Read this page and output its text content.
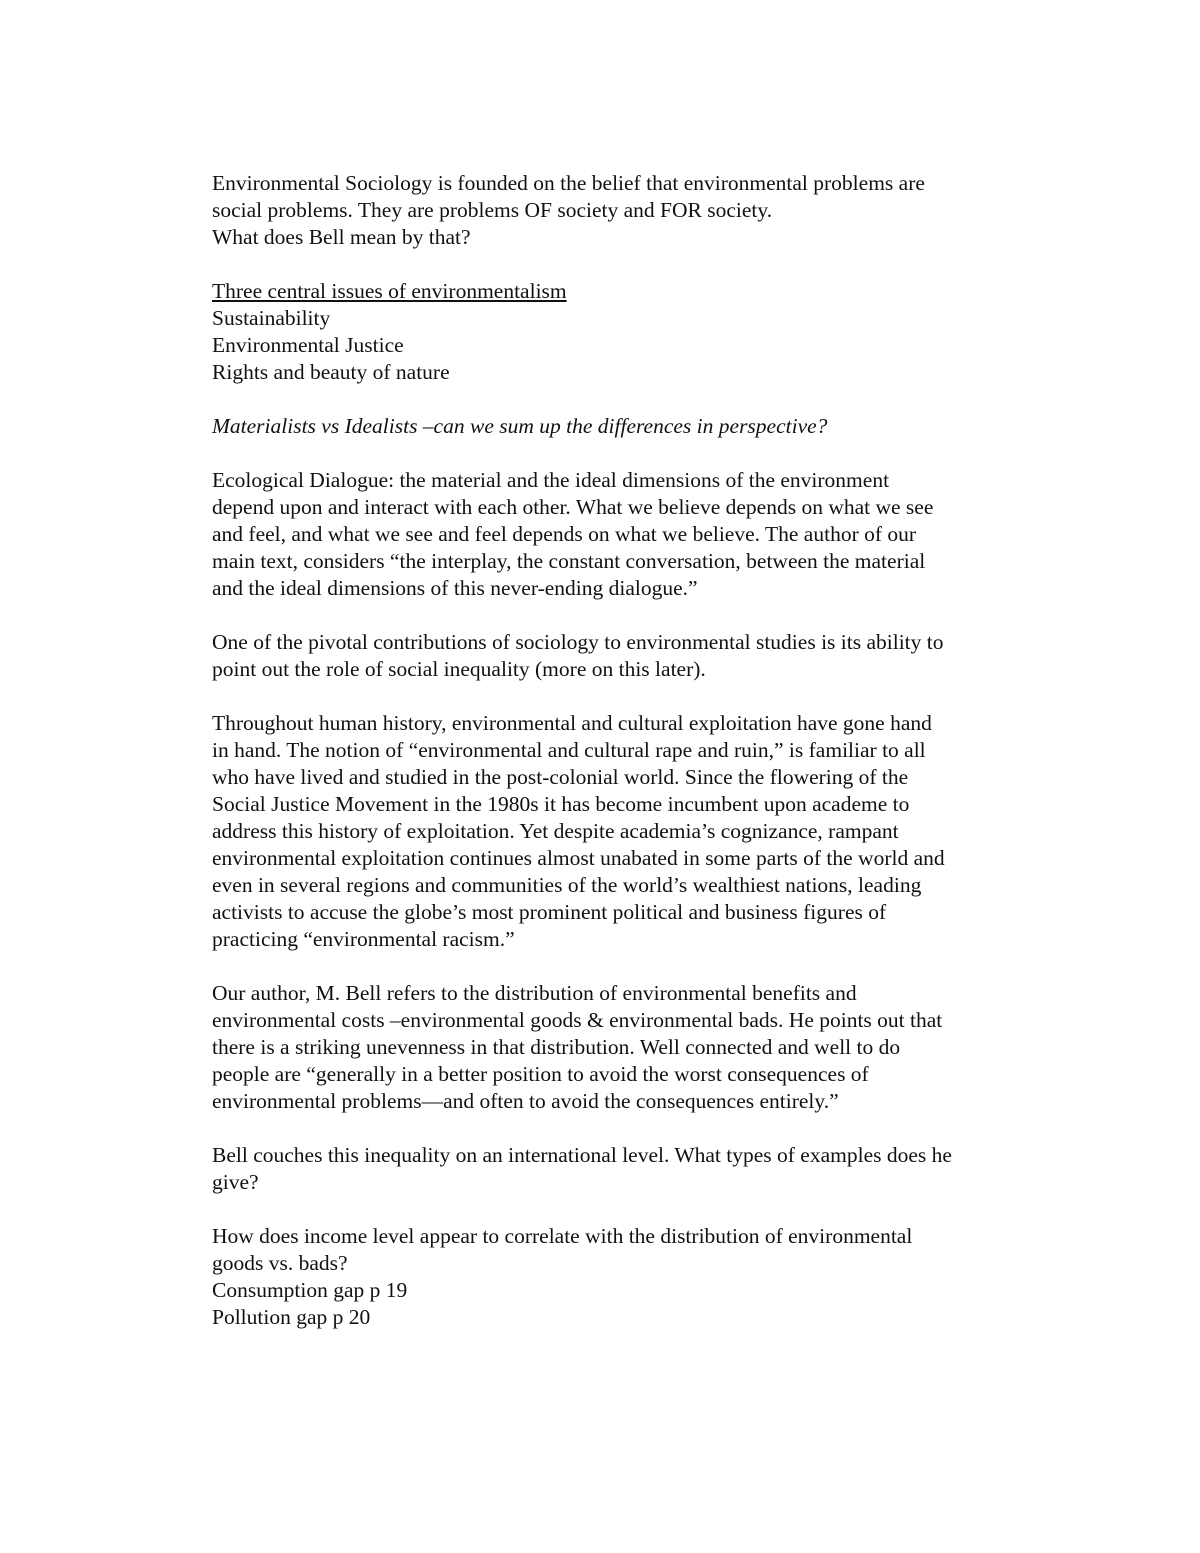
Environmental Sociology is founded on the belief that environmental problems are
social problems. They are problems OF society and FOR society.
What does Bell mean by that?

Three central issues of environmentalism
Sustainability
Environmental Justice
Rights and beauty of nature

Materialists vs Idealists –can we sum up the differences in perspective?

Ecological Dialogue: the material and the ideal dimensions of the environment
depend upon and interact with each other. What we believe depends on what we see
and feel, and what we see and feel depends on what we believe. The author of our
main text, considers “the interplay, the constant conversation, between the material
and the ideal dimensions of this never-ending dialogue.”

One of the pivotal contributions of sociology to environmental studies is its ability to
point out the role of social inequality (more on this later).

Throughout human history, environmental and cultural exploitation have gone hand
in hand. The notion of “environmental and cultural rape and ruin,” is familiar to all
who have lived and studied in the post-colonial world. Since the flowering of the
Social Justice Movement in the 1980s it has become incumbent upon academe to
address this history of exploitation. Yet despite academia’s cognizance, rampant
environmental exploitation continues almost unabated in some parts of the world and
even in several regions and communities of the world’s wealthiest nations, leading
activists to accuse the globe’s most prominent political and business figures of
practicing “environmental racism.”

Our author, M. Bell refers to the distribution of environmental benefits and
environmental costs –environmental goods & environmental bads. He points out that
there is a striking unevenness in that distribution. Well connected and well to do
people are “generally in a better position to avoid the worst consequences of
environmental problems—and often to avoid the consequences entirely.”

Bell couches this inequality on an international level. What types of examples does he
give?

How does income level appear to correlate with the distribution of environmental
goods vs. bads?
Consumption gap p 19
Pollution gap p 20
